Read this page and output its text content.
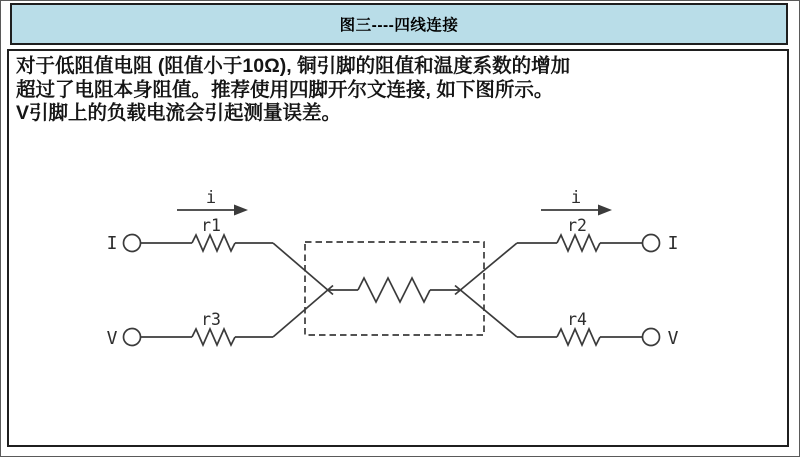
图三----四线连接
对于低阻值电阻 (阻值小于10Ω), 铜引脚的阻值和温度系数的增加
超过了电阻本身阻值。推荐使用四脚开尔文连接, 如下图所示。
V引脚上的负载电流会引起测量误差。
I
V
I
V
r1
r3
r2
r4
i	i
